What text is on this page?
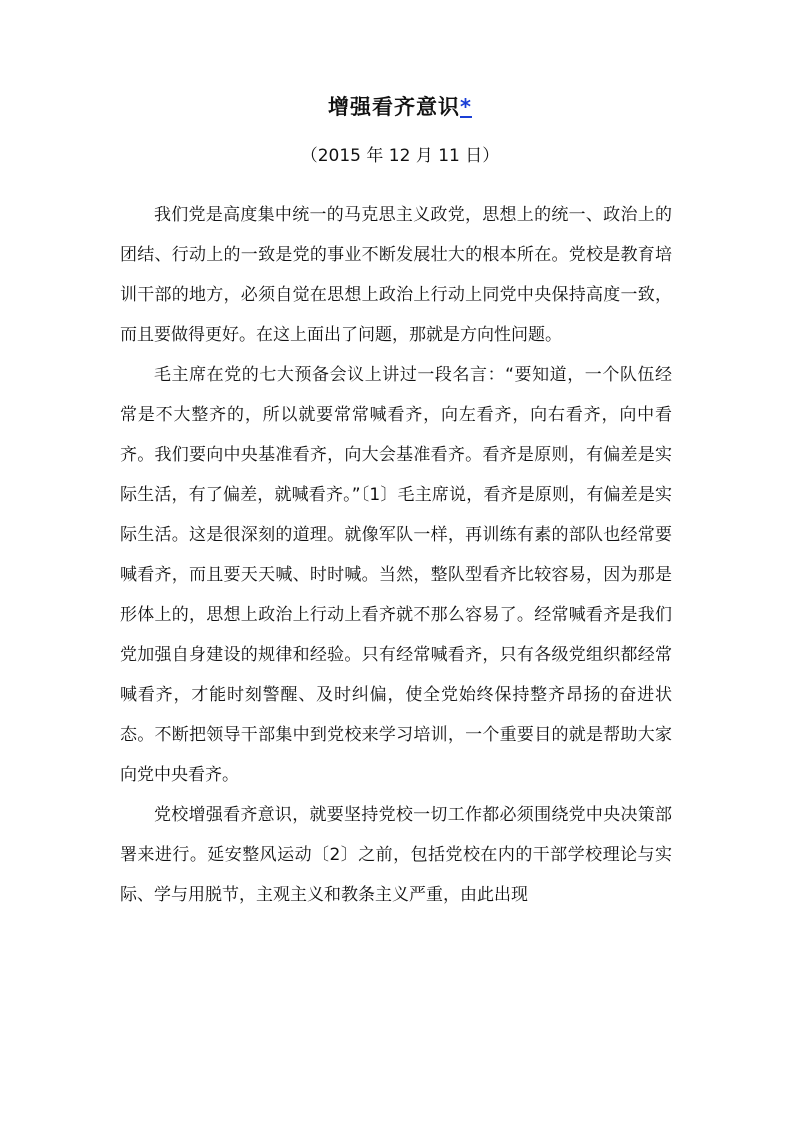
增强看齐意识*
（2015 年 12 月 11 日）

我们党是高度集中统一的马克思主义政党，思想上的统一、政治上的团结、行动上的一致是党的事业不断发展壮大的根本所在。党校是教育培训干部的地方，必须自觉在思想上政治上行动上同党中央保持高度一致，而且要做得更好。在这上面出了问题，那就是方向性问题。

毛主席在党的七大预备会议上讲过一段名言：“要知道，一个队伍经常是不大整齐的，所以就要常常喊看齐，向左看齐，向右看齐，向中看齐。我们要向中央基准看齐，向大会基准看齐。看齐是原则，有偏差是实际生活，有了偏差，就喊看齐。”〔1〕毛主席说，看齐是原则，有偏差是实际生活。这是很深刻的道理。就像军队一样，再训练有素的部队也经常要喊看齐，而且要天天喊、时时喊。当然，整队型看齐比较容易，因为那是形体上的，思想上政治上行动上看齐就不那么容易了。经常喊看齐是我们党加强自身建设的规律和经验。只有经常喊看齐，只有各级党组织都经常喊看齐，才能时刻警醒、及时纠偏，使全党始终保持整齐昂扬的奋进状态。不断把领导干部集中到党校来学习培训，一个重要目的就是帮助大家向党中央看齐。

党校增强看齐意识，就要坚持党校一切工作都必须围绕党中央决策部署来进行。延安整风运动〔2〕之前，包括党校在内的干部学校理论与实际、学与用脱节，主观主义和教条主义严重，由此出现
